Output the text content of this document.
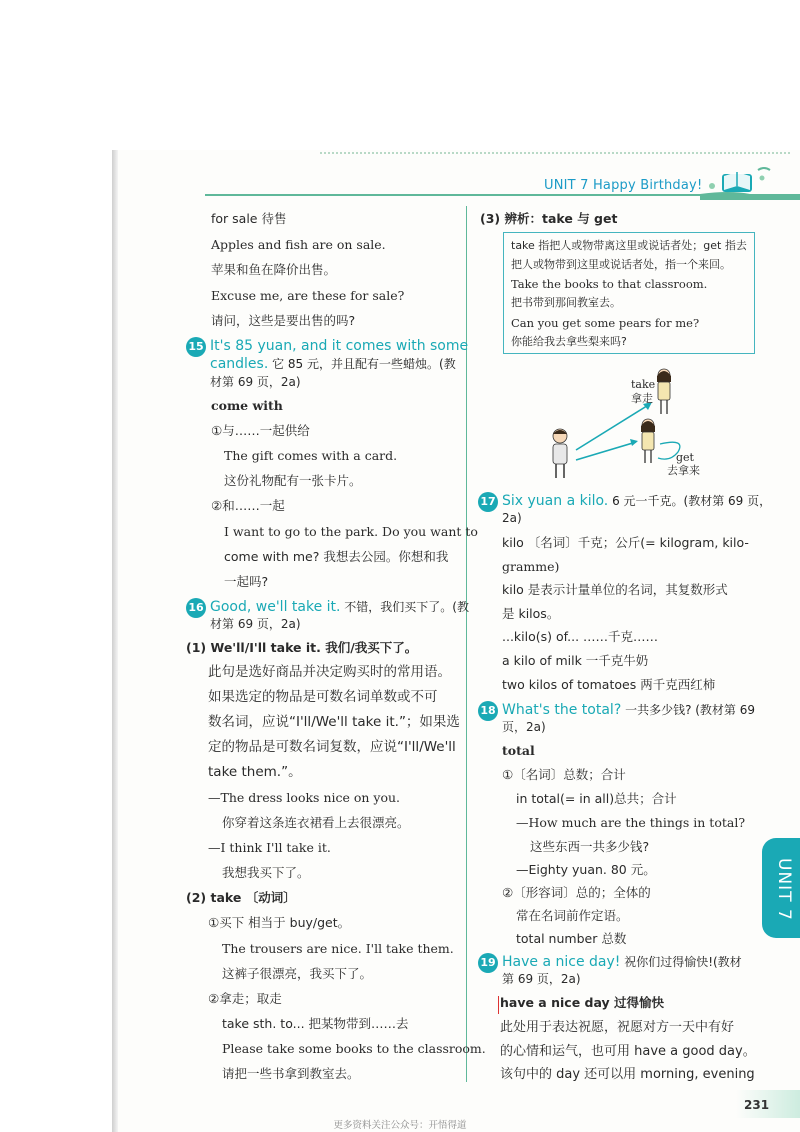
UNIT 7 Happy Birthday!
for sale 待售
Apples and fish are on sale.
苹果和鱼在降价出售。
Excuse me, are these for sale?
请问，这些是要出售的吗?
15 It's 85 yuan, and it comes with some
candles. 它 85 元，并且配有一些蜡烛。(教
材第 69 页，2a)
come with
①与……一起供给
The gift comes with a card.
这份礼物配有一张卡片。
②和……一起
I want to go to the park. Do you want to
come with me? 我想去公园。你想和我
一起吗?
16 Good, we'll take it. 不错，我们买下了。(教
材第 69 页，2a)
(1) We'll/I'll take it. 我们/我买下了。
此句是选好商品并决定购买时的常用语。
如果选定的物品是可数名词单数或不可
数名词，应说“I'll/We'll take it.”；如果选
定的物品是可数名词复数，应说“I'll/We'll
take them.”。
—The dress looks nice on you.
你穿着这条连衣裙看上去很漂亮。
—I think I'll take it.
我想我买下了。
(2) take 〔动词〕
①买下 相当于 buy/get。
The trousers are nice. I'll take them.
这裤子很漂亮，我买下了。
②拿走；取走
take sth. to... 把某物带到……去
Please take some books to the classroom.
请把一些书拿到教室去。
(3) 辨析：take 与 get
take 指把人或物带离这里或说话者处；get 指去
把人或物带到这里或说话者处，指一个来回。
Take the books to that classroom.
把书带到那间教室去。
Can you get some pears for me?
你能给我去拿些梨来吗?
take
拿走
get
去拿来
17 Six yuan a kilo. 6 元一千克。(教材第 69 页，
2a)
kilo 〔名词〕千克；公斤(= kilogram, kilo-
gramme)
kilo 是表示计量单位的名词，其复数形式
是 kilos。
...kilo(s) of... ……千克……
a kilo of milk 一千克牛奶
two kilos of tomatoes 两千克西红柿
18 What's the total? 一共多少钱? (教材第 69
页，2a)
total
①〔名词〕总数；合计
in total(= in all)总共；合计
—How much are the things in total?
这些东西一共多少钱?
—Eighty yuan. 80 元。
②〔形容词〕总的；全体的
常在名词前作定语。
total number 总数
19 Have a nice day! 祝你们过得愉快!(教材
第 69 页，2a)
have a nice day 过得愉快
此处用于表达祝愿，祝愿对方一天中有好
的心情和运气，也可用 have a good day。
该句中的 day 还可以用 morning, evening
UNIT 7
231
更多资料关注公众号：开悟得道
